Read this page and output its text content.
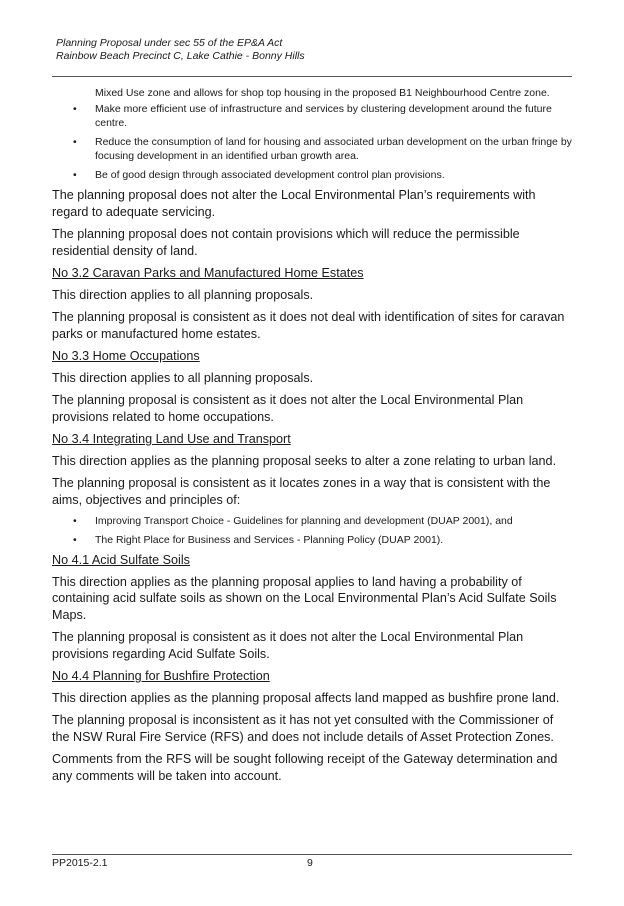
Planning Proposal under sec 55 of the EP&A Act
Rainbow Beach Precinct C, Lake Cathie - Bonny Hills

Mixed Use zone and allows for shop top housing in the proposed B1 Neighbourhood Centre zone.

• Make more efficient use of infrastructure and services by clustering development around the future centre.
• Reduce the consumption of land for housing and associated urban development on the urban fringe by focusing development in an identified urban growth area.
• Be of good design through associated development control plan provisions.

The planning proposal does not alter the Local Environmental Plan’s requirements with regard to adequate servicing.

The planning proposal does not contain provisions which will reduce the permissible residential density of land.

No 3.2 Caravan Parks and Manufactured Home Estates

This direction applies to all planning proposals.

The planning proposal is consistent as it does not deal with identification of sites for caravan parks or manufactured home estates.

No 3.3 Home Occupations

This direction applies to all planning proposals.

The planning proposal is consistent as it does not alter the Local Environmental Plan provisions related to home occupations.

No 3.4 Integrating Land Use and Transport

This direction applies as the planning proposal seeks to alter a zone relating to urban land.

The planning proposal is consistent as it locates zones in a way that is consistent with the aims, objectives and principles of:

• Improving Transport Choice - Guidelines for planning and development (DUAP 2001), and
• The Right Place for Business and Services - Planning Policy (DUAP 2001).
No 4.1 Acid Sulfate Soils

This direction applies as the planning proposal applies to land having a probability of containing acid sulfate soils as shown on the Local Environmental Plan’s Acid Sulfate Soils Maps.

The planning proposal is consistent as it does not alter the Local Environmental Plan provisions regarding Acid Sulfate Soils.

No 4.4 Planning for Bushfire Protection

This direction applies as the planning proposal affects land mapped as bushfire prone land.

The planning proposal is inconsistent as it has not yet consulted with the Commissioner of the NSW Rural Fire Service (RFS) and does not include details of Asset Protection Zones.

Comments from the RFS will be sought following receipt of the Gateway determination and any comments will be taken into account.

PP2015-2.1	9
